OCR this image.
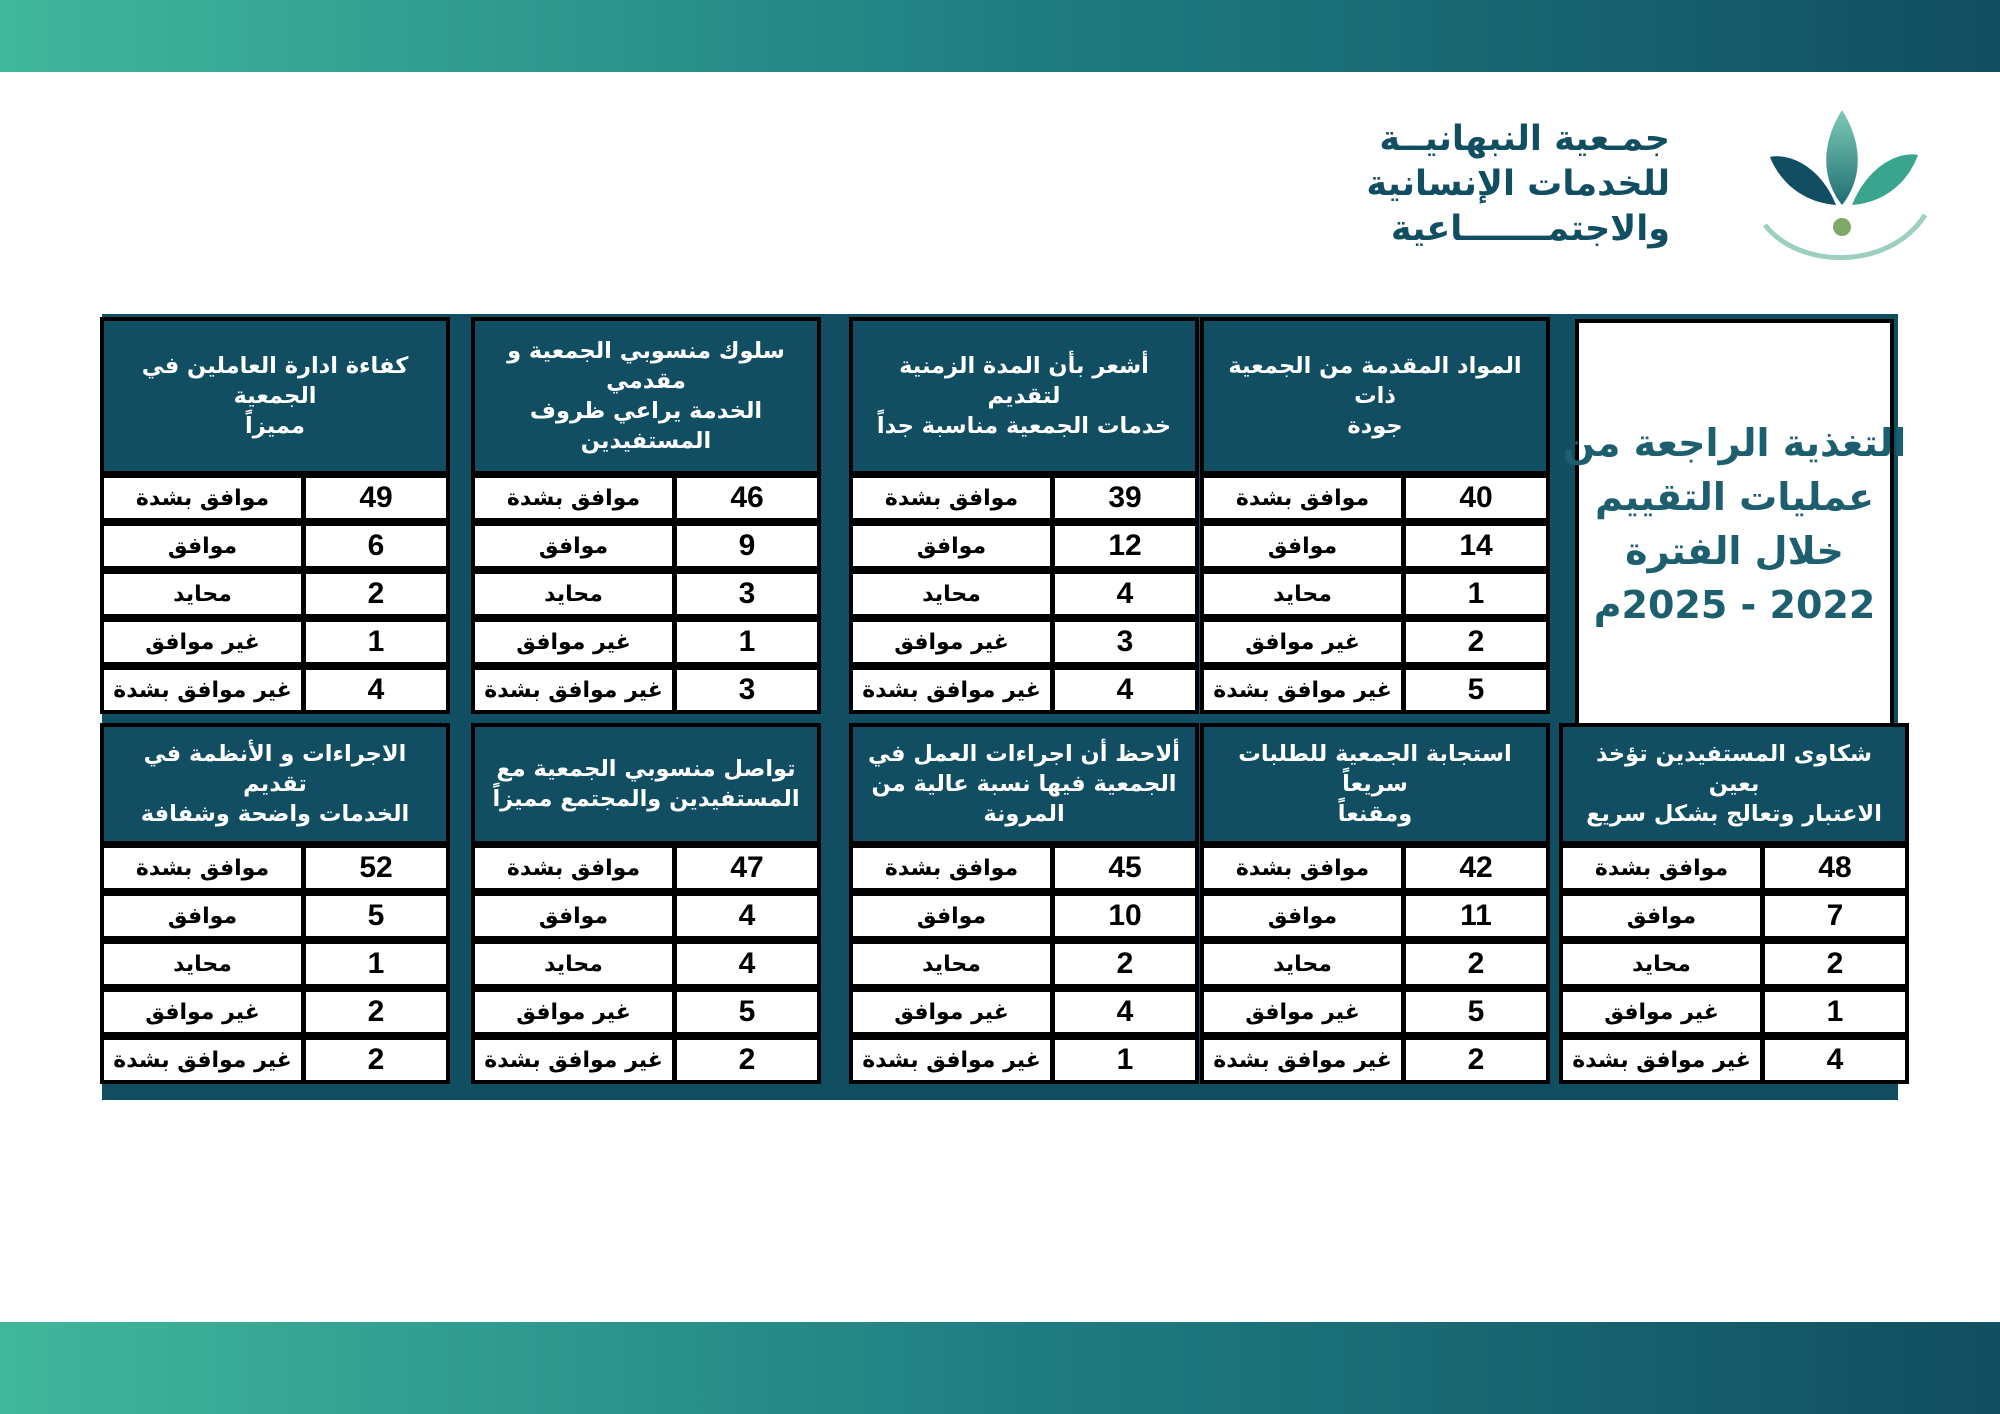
جمـعية النبهانيــة
للخدمات الإنسانية
والاجتمـــــــاعية
التغذية الراجعة من
عمليات التقييم
خلال الفترة
2022 - 2025م
المواد المقدمة من الجمعية ذات
جودة
40
موافق بشدة
14
موافق
1
محايد
2
غير موافق
5
غير موافق بشدة
أشعر بأن المدة الزمنية لتقديم
خدمات الجمعية مناسبة جداً
39
موافق بشدة
12
موافق
4
محايد
3
غير موافق
4
غير موافق بشدة
سلوك منسوبي الجمعية و مقدمي
الخدمة يراعي ظروف
المستفيدين
46
موافق بشدة
9
موافق
3
محايد
1
غير موافق
3
غير موافق بشدة
كفاءة ادارة العاملين في الجمعية
مميزاً
49
موافق بشدة
6
موافق
2
محايد
1
غير موافق
4
غير موافق بشدة
شكاوى المستفيدين تؤخذ بعين
الاعتبار وتعالج بشكل سريع
48
موافق بشدة
7
موافق
2
محايد
1
غير موافق
4
غير موافق بشدة
استجابة الجمعية للطلبات سريعاً
ومقنعاً
42
موافق بشدة
11
موافق
2
محايد
5
غير موافق
2
غير موافق بشدة
ألاحظ أن اجراءات العمل في
الجمعية فيها نسبة عالية من
المرونة
45
موافق بشدة
10
موافق
2
محايد
4
غير موافق
1
غير موافق بشدة
تواصل منسوبي الجمعية مع
المستفيدين والمجتمع مميزاً
47
موافق بشدة
4
موافق
4
محايد
5
غير موافق
2
غير موافق بشدة
الاجراءات و الأنظمة في تقديم
الخدمات واضحة وشفافة
52
موافق بشدة
5
موافق
1
محايد
2
غير موافق
2
غير موافق بشدة
